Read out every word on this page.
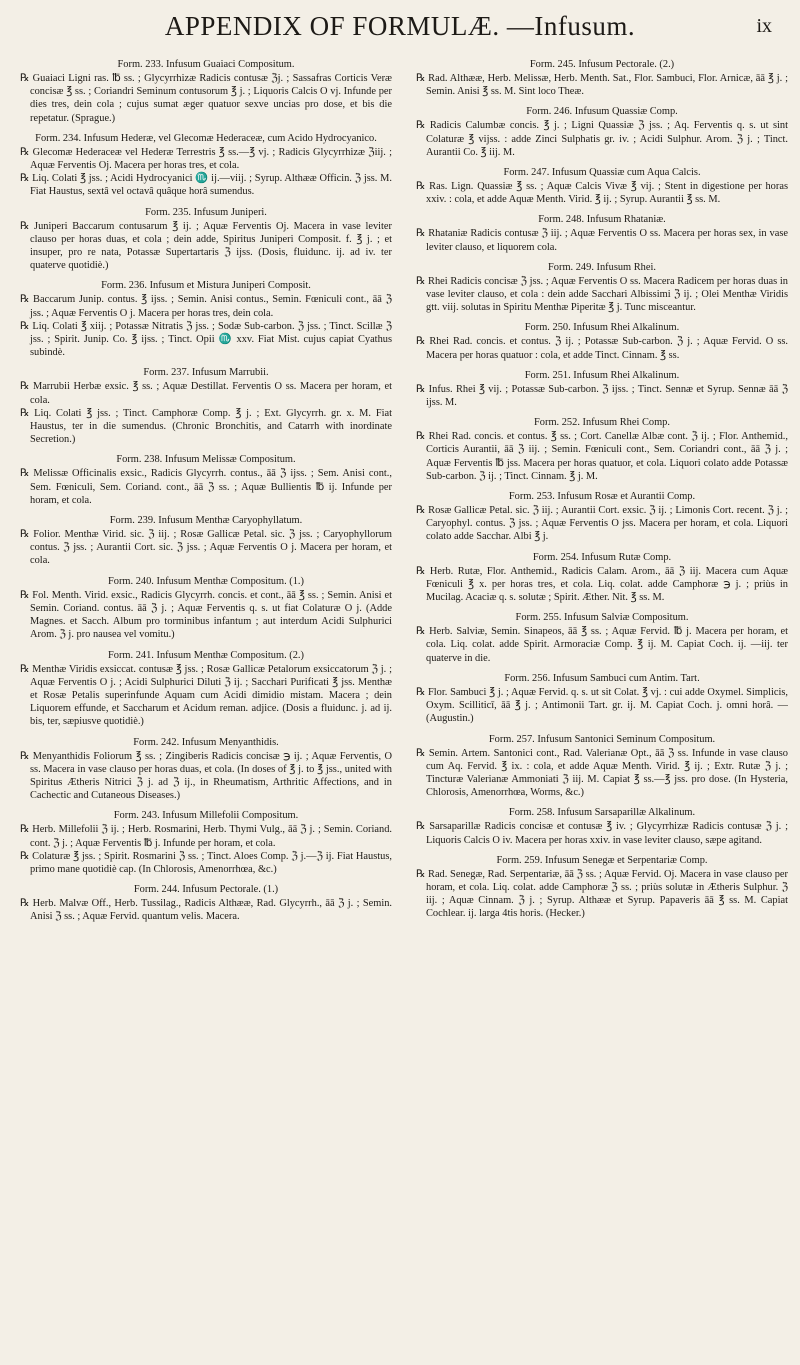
APPENDIX OF FORMULÆ. —Infusum.	ix
Form. 233. Infusum Guaiaci Compositum.

℞ Guaiaci Ligni ras. ℔ ss. ; Glycyrrhizæ Radicis contusæ ℨj. ; Sassafras Corticis Veræ concisæ ℥ ss. ; Coriandri Seminum contusorum ℥ j. ; Liquoris Calcis O vj. Infunde per dies tres, dein cola ; cujus sumat æger quatuor sexve uncias pro dose, et bis die repetatur. (Sprague.)

Form. 234. Infusum Hederæ, vel Glecomæ Hederaceæ, cum Acido Hydrocyanico.

℞ Glecomæ Hederaceæ vel Hederæ Terrestris ℥ ss.—℥ vj. ; Radicis Glycyrrhizæ ℨiij. ; Aquæ Ferventis Oj. Macera per horas tres, et cola.

℞ Liq. Colati ℥ jss. ; Acidi Hydrocyanici ♏ ij.—viij. ; Syrup. Althææ Officin. ℨ jss. M. Fiat Haustus, sextâ vel octavâ quâque horâ sumendus.

Form. 235. Infusum Juniperi.

℞ Juniperi Baccarum contusarum ℥ ij. ; Aquæ Ferventis Oj. Macera in vase leviter clauso per horas duas, et cola ; dein adde, Spiritus Juniperi Composit. f. ℥ j. ; et insuper, pro re nata, Potassæ Supertartaris ℨ ijss. (Dosis, fluidunc. ij. ad iv. ter quaterve quotidiè.)

Form. 236. Infusum et Mistura Juniperi Composit.

℞ Baccarum Junip. contus. ℥ ijss. ; Semin. Anisi contus., Semin. Fœniculi cont., āā ℨ jss. ; Aquæ Ferventis O j. Macera per horas tres, dein cola.

℞ Liq. Colati ℥ xiij. ; Potassæ Nitratis ℨ jss. ; Sodæ Sub-carbon. ℨ jss. ; Tinct. Scillæ ℨ jss. ; Spirit. Junip. Co. ℥ ijss. ; Tinct. Opii ♏ xxv. Fiat Mist. cujus capiat Cyathus subindè.

Form. 237. Infusum Marrubii.

℞ Marrubii Herbæ exsic. ℥ ss. ; Aquæ Destillat. Ferventis O ss. Macera per horam, et cola.

℞ Liq. Colati ℥ jss. ; Tinct. Camphoræ Comp. ℥ j. ; Ext. Glycyrrh. gr. x. M. Fiat Haustus, ter in die sumendus. (Chronic Bronchitis, and Catarrh with inordinate Secretion.)

Form. 238. Infusum Melissæ Compositum.

℞ Melissæ Officinalis exsic., Radicis Glycyrrh. contus., āā ℨ ijss. ; Sem. Anisi cont., Sem. Fœniculi, Sem. Coriand. cont., āā ℨ ss. ; Aquæ Bullientis ℔ ij. Infunde per horam, et cola.

Form. 239. Infusum Menthæ Caryophyllatum.

℞ Folior. Menthæ Virid. sic. ℨ iij. ; Rosæ Gallicæ Petal. sic. ℨ jss. ; Caryophyllorum contus. ℨ jss. ; Aurantii Cort. sic. ℨ jss. ; Aquæ Ferventis O j. Macera per horam, et cola.

Form. 240. Infusum Menthæ Compositum. (1.)

℞ Fol. Menth. Virid. exsic., Radicis Glycyrrh. concis. et cont., āā ℥ ss. ; Semin. Anisi et Semin. Coriand. contus. āā ℨ j. ; Aquæ Ferventis q. s. ut fiat Colaturæ O j. (Adde Magnes. et Sacch. Album pro torminibus infantum ; aut interdum Acidi Sulphurici Arom. ℨ j. pro nausea vel vomitu.)

Form. 241. Infusum Menthæ Compositum. (2.)

℞ Menthæ Viridis exsiccat. contusæ ℥ jss. ; Rosæ Gallicæ Petalorum exsiccatorum ℨ j. ; Aquæ Ferventis O j. ; Acidi Sulphurici Diluti ℨ ij. ; Sacchari Purificati ℥ jss. Menthæ et Rosæ Petalis superinfunde Aquam cum Acidi dimidio mistam. Macera ; dein Liquorem effunde, et Saccharum et Acidum reman. adjice. (Dosis a fluidunc. j. ad ij. bis, ter, sæpiusve quotidiè.)

Form. 242. Infusum Menyanthidis.

℞ Menyanthidis Foliorum ℥ ss. ; Zingiberis Radicis concisæ ℈ ij. ; Aquæ Ferventis, O ss. Macera in vase clauso per horas duas, et cola. (In doses of ℥ j. to ℥ jss., united with Spiritus Ætheris Nitrici ℨ j. ad ℨ ij., in Rheumatism, Arthritic Affections, and in Cachectic and Cutaneous Diseases.)

Form. 243. Infusum Millefolii Compositum.

℞ Herb. Millefolii ℨ ij. ; Herb. Rosmarini, Herb. Thymi Vulg., āā ℨ j. ; Semin. Coriand. cont. ℨ j. ; Aquæ Ferventis ℔ j. Infunde per horam, et cola.

℞ Colaturæ ℥ jss. ; Spirit. Rosmarini ℨ ss. ; Tinct. Aloes Comp. ℨ j.—ℨ ij. Fiat Haustus, primo mane quotidiè cap. (In Chlorosis, Amenorrhœa, &c.)

Form. 244. Infusum Pectorale. (1.)

℞ Herb. Malvæ Off., Herb. Tussilag., Radicis Althææ, Rad. Glycyrrh., āā ℨ j. ; Semin. Anisi ℨ ss. ; Aquæ Fervid. quantum velis. Macera.

Form. 245. Infusum Pectorale. (2.)

℞ Rad. Althææ, Herb. Melissæ, Herb. Menth. Sat., Flor. Sambuci, Flor. Arnicæ, āā ℥ j. ; Semin. Anisi ℥ ss. M. Sint loco Theæ.

Form. 246. Infusum Quassiæ Comp.

℞ Radicis Calumbæ concis. ℥ j. ; Ligni Quassiæ ℨ jss. ; Aq. Ferventis q. s. ut sint Colaturæ ℥ vijss. : adde Zinci Sulphatis gr. iv. ; Acidi Sulphur. Arom. ℨ j. ; Tinct. Aurantii Co. ℥ iij. M.

Form. 247. Infusum Quassiæ cum Aqua Calcis.

℞ Ras. Lign. Quassiæ ℥ ss. ; Aquæ Calcis Vivæ ℥ vij. ; Stent in digestione per horas xxiv. : cola, et adde Aquæ Menth. Virid. ℥ ij. ; Syrup. Aurantii ℥ ss. M.

Form. 248. Infusum Rhataniæ.

℞ Rhataniæ Radicis contusæ ℨ iij. ; Aquæ Ferventis O ss. Macera per horas sex, in vase leviter clauso, et liquorem cola.

Form. 249. Infusum Rhei.

℞ Rhei Radicis concisæ ℨ jss. ; Aquæ Ferventis O ss. Macera Radicem per horas duas in vase leviter clauso, et cola : dein adde Sacchari Albissimi ℨ ij. ; Olei Menthæ Viridis gtt. viij. solutas in Spiritu Menthæ Piperitæ ℥ j. Tunc misceantur.

Form. 250. Infusum Rhei Alkalinum.

℞ Rhei Rad. concis. et contus. ℨ ij. ; Potassæ Sub-carbon. ℨ j. ; Aquæ Fervid. O ss. Macera per horas quatuor : cola, et adde Tinct. Cinnam. ℥ ss.

Form. 251. Infusum Rhei Alkalinum.

℞ Infus. Rhei ℥ vij. ; Potassæ Sub-carbon. ℨ ijss. ; Tinct. Sennæ et Syrup. Sennæ āā ℨ ijss. M.

Form. 252. Infusum Rhei Comp.

℞ Rhei Rad. concis. et contus. ℥ ss. ; Cort. Canellæ Albæ cont. ℨ ij. ; Flor. Anthemid., Corticis Aurantii, āā ℨ iij. ; Semin. Fœniculi cont., Sem. Coriandri cont., āā ℨ j. ; Aquæ Ferventis ℔ jss. Macera per horas quatuor, et cola. Liquori colato adde Potassæ Sub-carbon. ℨ ij. ; Tinct. Cinnam. ℥ j. M.

Form. 253. Infusum Rosæ et Aurantii Comp.

℞ Rosæ Gallicæ Petal. sic. ℨ iij. ; Aurantii Cort. exsic. ℨ ij. ; Limonis Cort. recent. ℨ j. ; Caryophyl. contus. ℨ jss. ; Aquæ Ferventis O jss. Macera per horam, et cola. Liquori colato adde Sacchar. Albi ℥ j.

Form. 254. Infusum Rutæ Comp.

℞ Herb. Rutæ, Flor. Anthemid., Radicis Calam. Arom., āā ℨ iij. Macera cum Aquæ Fœniculi ℥ x. per horas tres, et cola. Liq. colat. adde Camphoræ ℈ j. ; priùs in Mucilag. Acaciæ q. s. solutæ ; Spirit. Æther. Nit. ℥ ss. M.

Form. 255. Infusum Salviæ Compositum.

℞ Herb. Salviæ, Semin. Sinapeos, āā ℥ ss. ; Aquæ Fervid. ℔ j. Macera per horam, et cola. Liq. colat. adde Spirit. Armoraciæ Comp. ℥ ij. M. Capiat Coch. ij. —iij. ter quaterve in die.

Form. 256. Infusum Sambuci cum Antim. Tart.

℞ Flor. Sambuci ℥ j. ; Aquæ Fervid. q. s. ut sit Colat. ℥ vj. : cui adde Oxymel. Simplicis, Oxym. Scilliticī, āā ℥ j. ; Antimonii Tart. gr. ij. M. Capiat Coch. j. omni horâ. — (Augustin.)

Form. 257. Infusum Santonici Seminum Compositum.

℞ Semin. Artem. Santonici cont., Rad. Valerianæ Opt., āā ℨ ss. Infunde in vase clauso cum Aq. Fervid. ℥ ix. : cola, et adde Aquæ Menth. Virid. ℥ ij. ; Extr. Rutæ ℨ j. ; Tincturæ Valerianæ Ammoniati ℨ iij. M. Capiat ℥ ss.—℥ jss. pro dose. (In Hysteria, Chlorosis, Amenorrhœa, Worms, &c.)

Form. 258. Infusum Sarsaparillæ Alkalinum.

℞ Sarsaparillæ Radicis concisæ et contusæ ℥ iv. ; Glycyrrhizæ Radicis contusæ ℨ j. ; Liquoris Calcis O iv. Macera per horas xxiv. in vase leviter clauso, sæpe agitand.

Form. 259. Infusum Senegæ et Serpentariæ Comp.

℞ Rad. Senegæ, Rad. Serpentariæ, āā ℨ ss. ; Aquæ Fervid. Oj. Macera in vase clauso per horam, et cola. Liq. colat. adde Camphoræ ℨ ss. ; priùs solutæ in Ætheris Sulphur. ℨ iij. ; Aquæ Cinnam. ℨ j. ; Syrup. Althææ et Syrup. Papaveris āā ℥ ss. M. Capiat Cochlear. ij. larga 4tis horis. (Hecker.)
